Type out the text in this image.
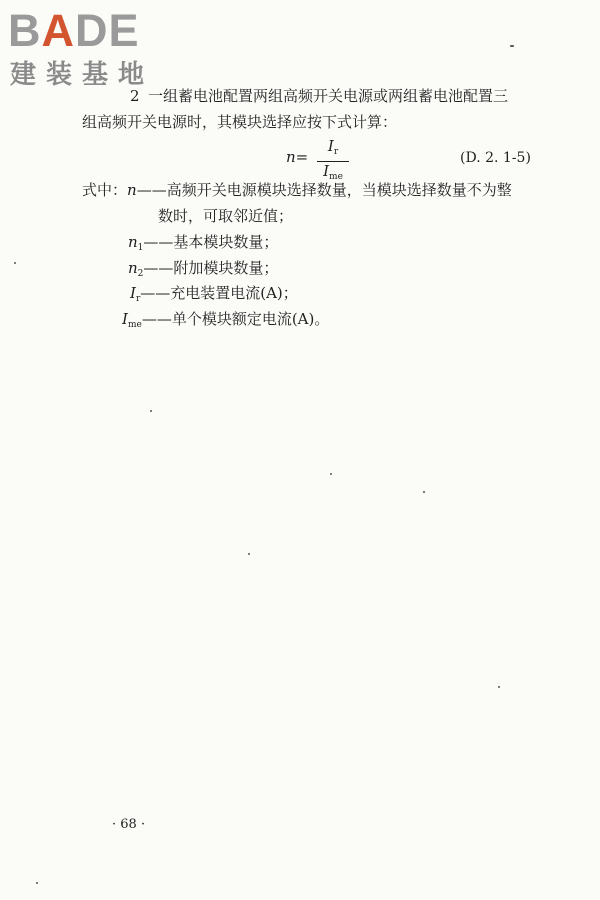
BADE
建装基地
2 一组蓄电池配置两组高频开关电源或两组蓄电池配置三
组高频开关电源时，其模块选择应按下式计算：
n=
$I_r$
$I_{me}$
(D. 2. 1-5)
式中：n——高频开关电源模块选择数量，当模块选择数量不为整
数时，可取邻近值；
$n_1——$基本模块数量；
$n_2——$附加模块数量；
$I_r——$充电装置电流(A)；
$I_{me}——$单个模块额定电流(A)。
· 68 ·
